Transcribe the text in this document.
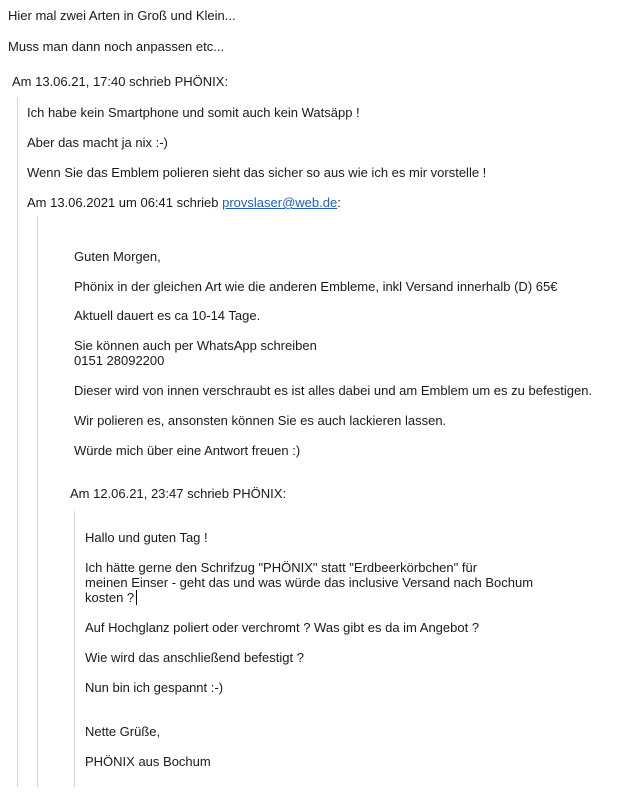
Hier mal zwei Arten in Groß und Klein...
Muss man dann noch anpassen etc...
Am 13.06.21, 17:40 schrieb PHÖNIX:
Ich habe kein Smartphone und somit auch kein Watsäpp !
Aber das macht ja nix :-)
Wenn Sie das Emblem polieren sieht das sicher so aus wie ich es mir vorstelle !
Am 13.06.2021 um 06:41 schrieb provslaser@web.de:
Guten Morgen,
Phönix in der gleichen Art wie die anderen Embleme, inkl Versand innerhalb (D) 65€
Aktuell dauert es ca 10-14 Tage.
Sie können auch per WhatsApp schreiben
0151 28092200
Dieser wird von innen verschraubt es ist alles dabei und am Emblem um es zu befestigen.
Wir polieren es, ansonsten können Sie es auch lackieren lassen.
Würde mich über eine Antwort freuen :)
Am 12.06.21, 23:47 schrieb PHÖNIX:
Hallo und guten Tag !
Ich hätte gerne den Schrifzug "PHÖNIX" statt "Erdbeerkörbchen" für
meinen Einser - geht das und was würde das inclusive Versand nach Bochum
kosten ?
Auf Hochglanz poliert oder verchromt ? Was gibt es da im Angebot ?
Wie wird das anschließend befestigt ?
Nun bin ich gespannt :-)
Nette Grüße,
PHÖNIX aus Bochum
